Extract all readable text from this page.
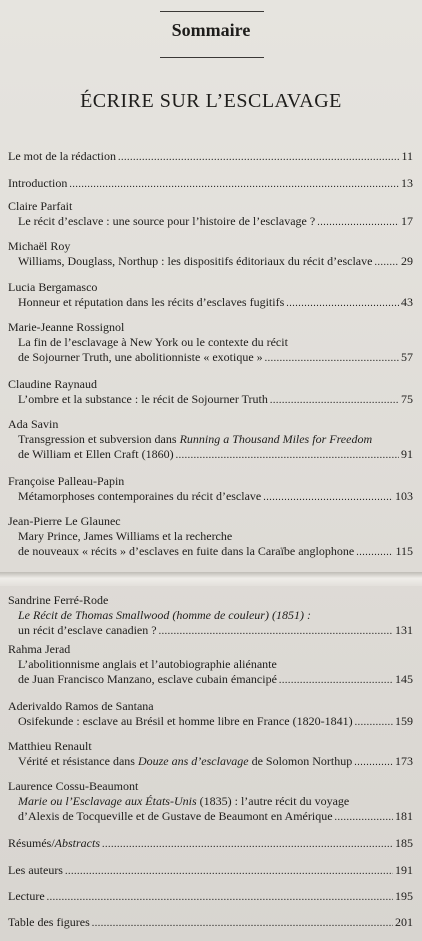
Sommaire
ÉCRIRE SUR L’ESCLAVAGE
Le mot de la rédaction . . .	11
Introduction . . .	13
Claire Parfait
Le récit d’esclave : une source pour l’histoire de l’esclavage ? . . .	17
Michaël Roy
Williams, Douglass, Northup : les dispositifs éditoriaux du récit d’esclave . . . 29
Lucia Bergamasco
Honneur et réputation dans les récits d’esclaves fugitifs . . .	43
Marie-Jeanne Rossignol
La fin de l’esclavage à New York ou le contexte du récit
de Sojourner Truth, une abolitionniste « exotique » . . .	57
Claudine Raynaud
L’ombre et la substance : le récit de Sojourner Truth . . .	75
Ada Savin
Transgression et subversion dans Running a Thousand Miles for Freedom
de William et Ellen Craft (1860) . . .	91
Françoise Palleau-Papin
Métamorphoses contemporaines du récit d’esclave . . .	103
Jean-Pierre Le Glaunec
Mary Prince, James Williams et la recherche
de nouveaux « récits » d’esclaves en fuite dans la Caraïbe anglophone . . .	115
Sandrine Ferré-Rode
Le Récit de Thomas Smallwood (homme de couleur) (1851) :
un récit d’esclave canadien ? . . .	131
Rahma Jerad
L’abolitionnisme anglais et l’autobiographie aliénante
de Juan Francisco Manzano, esclave cubain émancipé . . .	145
Aderivaldo Ramos de Santana
Osifekunde : esclave au Brésil et homme libre en France (1820-1841) . . .	159
Matthieu Renault
Vérité et résistance dans Douze ans d’esclavage de Solomon Northup . . .	173
Laurence Cossu-Beaumont
Marie ou l’Esclavage aux États-Unis (1835) : l’autre récit du voyage
d’Alexis de Tocqueville et de Gustave de Beaumont en Amérique . . .	181
Résumés/Abstracts . . .	185
Les auteurs . . .	191
Lecture . . .	195
Table des figures . . .	201
